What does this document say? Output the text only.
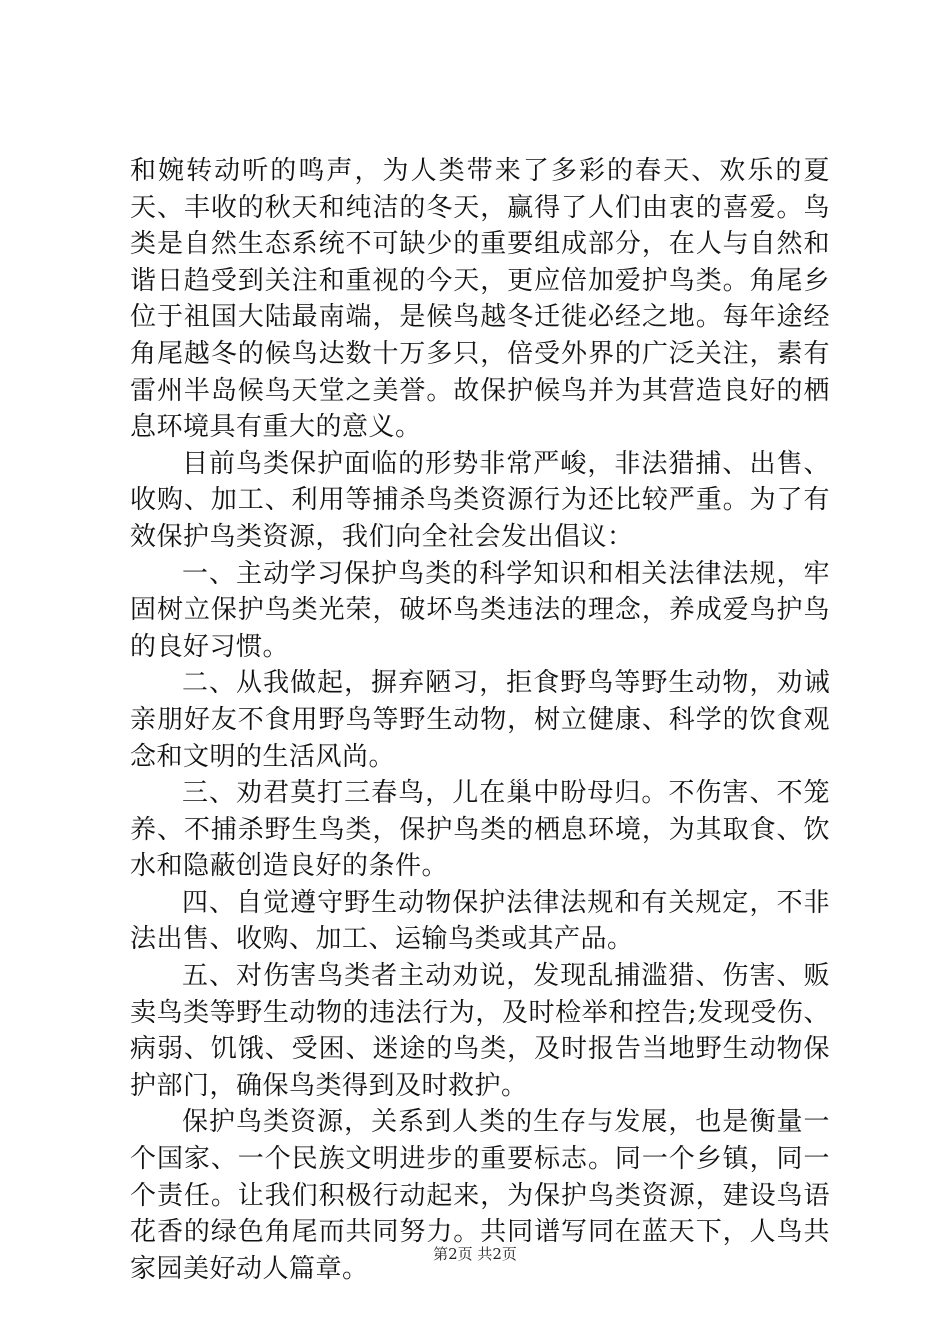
和婉转动听的鸣声，为人类带来了多彩的春天、欢乐的夏天、丰收的秋天和纯洁的冬天，赢得了人们由衷的喜爱。鸟类是自然生态系统不可缺少的重要组成部分，在人与自然和谐日趋受到关注和重视的今天，更应倍加爱护鸟类。角尾乡位于祖国大陆最南端，是候鸟越冬迁徙必经之地。每年途经角尾越冬的候鸟达数十万多只，倍受外界的广泛关注，素有雷州半岛候鸟天堂之美誉。故保护候鸟并为其营造良好的栖息环境具有重大的意义。

目前鸟类保护面临的形势非常严峻，非法猎捕、出售、收购、加工、利用等捕杀鸟类资源行为还比较严重。为了有效保护鸟类资源，我们向全社会发出倡议：

一、主动学习保护鸟类的科学知识和相关法律法规，牢固树立保护鸟类光荣，破坏鸟类违法的理念，养成爱鸟护鸟的良好习惯。

二、从我做起，摒弃陋习，拒食野鸟等野生动物，劝诫亲朋好友不食用野鸟等野生动物，树立健康、科学的饮食观念和文明的生活风尚。

三、劝君莫打三春鸟，儿在巢中盼母归。不伤害、不笼养、不捕杀野生鸟类，保护鸟类的栖息环境，为其取食、饮水和隐蔽创造良好的条件。

四、自觉遵守野生动物保护法律法规和有关规定，不非法出售、收购、加工、运输鸟类或其产品。

五、对伤害鸟类者主动劝说，发现乱捕滥猎、伤害、贩卖鸟类等野生动物的违法行为，及时检举和控告;发现受伤、病弱、饥饿、受困、迷途的鸟类，及时报告当地野生动物保护部门，确保鸟类得到及时救护。

保护鸟类资源，关系到人类的生存与发展，也是衡量一个国家、一个民族文明进步的重要标志。同一个乡镇，同一个责任。让我们积极行动起来，为保护鸟类资源，建设鸟语花香的绿色角尾而共同努力。共同谱写同在蓝天下，人鸟共家园美好动人篇章。	第2页 共2页
